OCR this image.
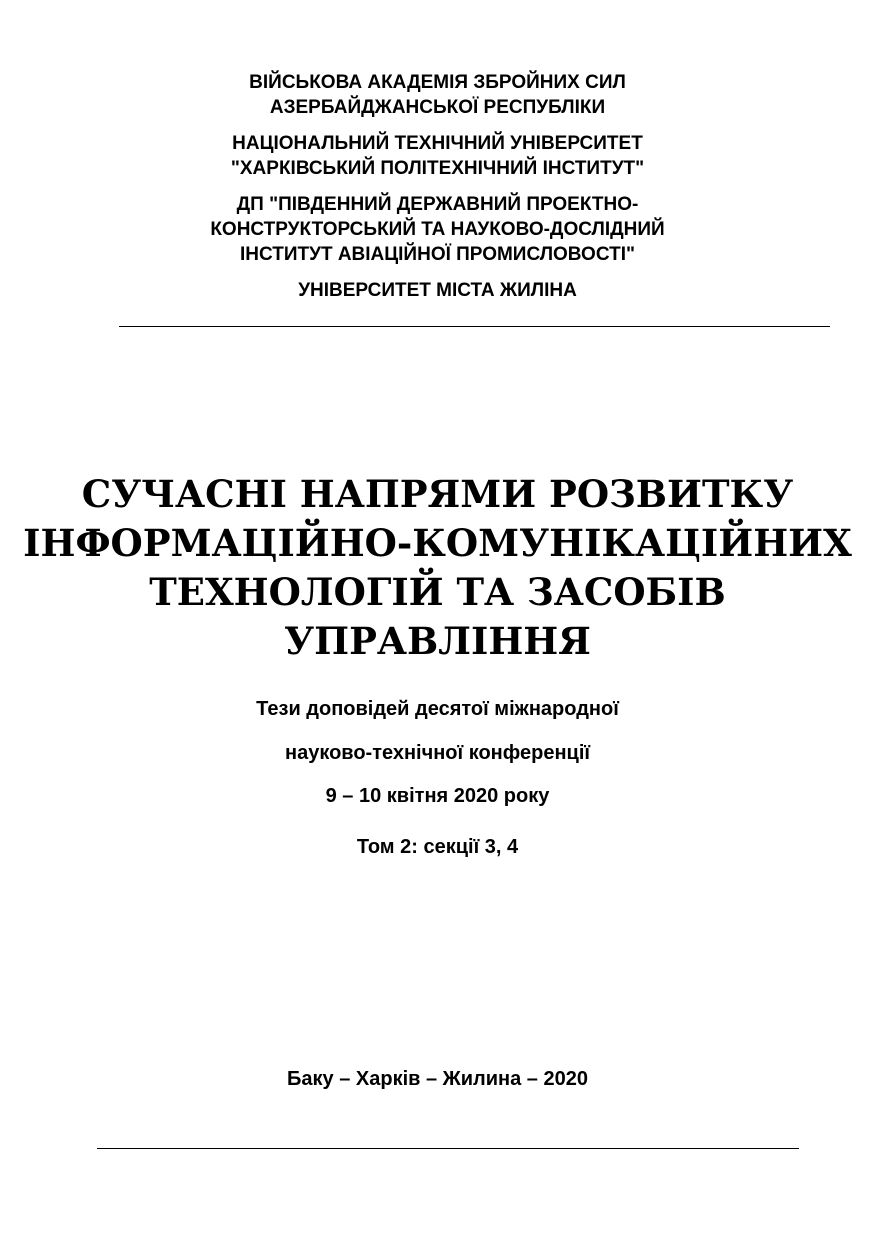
ВІЙСЬКОВА АКАДЕМІЯ ЗБРОЙНИХ СИЛ
АЗЕРБАЙДЖАНСЬКОЇ РЕСПУБЛІКИ
НАЦІОНАЛЬНИЙ ТЕХНІЧНИЙ УНІВЕРСИТЕТ
"ХАРКІВСЬКИЙ ПОЛІТЕХНІЧНИЙ ІНСТИТУТ"
ДП "ПІВДЕННИЙ ДЕРЖАВНИЙ ПРОЕКТНО-
КОНСТРУКТОРСЬКИЙ ТА НАУКОВО-ДОСЛІДНИЙ
ІНСТИТУТ АВІАЦІЙНОЇ ПРОМИСЛОВОСТІ"
УНІВЕРСИТЕТ МІСТА ЖИЛІНА
СУЧАСНІ НАПРЯМИ РОЗВИТКУ
ІНФОРМАЦІЙНО-КОМУНІКАЦІЙНИХ
ТЕХНОЛОГІЙ ТА ЗАСОБІВ
УПРАВЛІННЯ

Тези доповідей десятої міжнародної

науково-технічної конференції

9 – 10 квітня 2020 року

Том 2: секції 3, 4

Баку – Харків – Жилина – 2020
